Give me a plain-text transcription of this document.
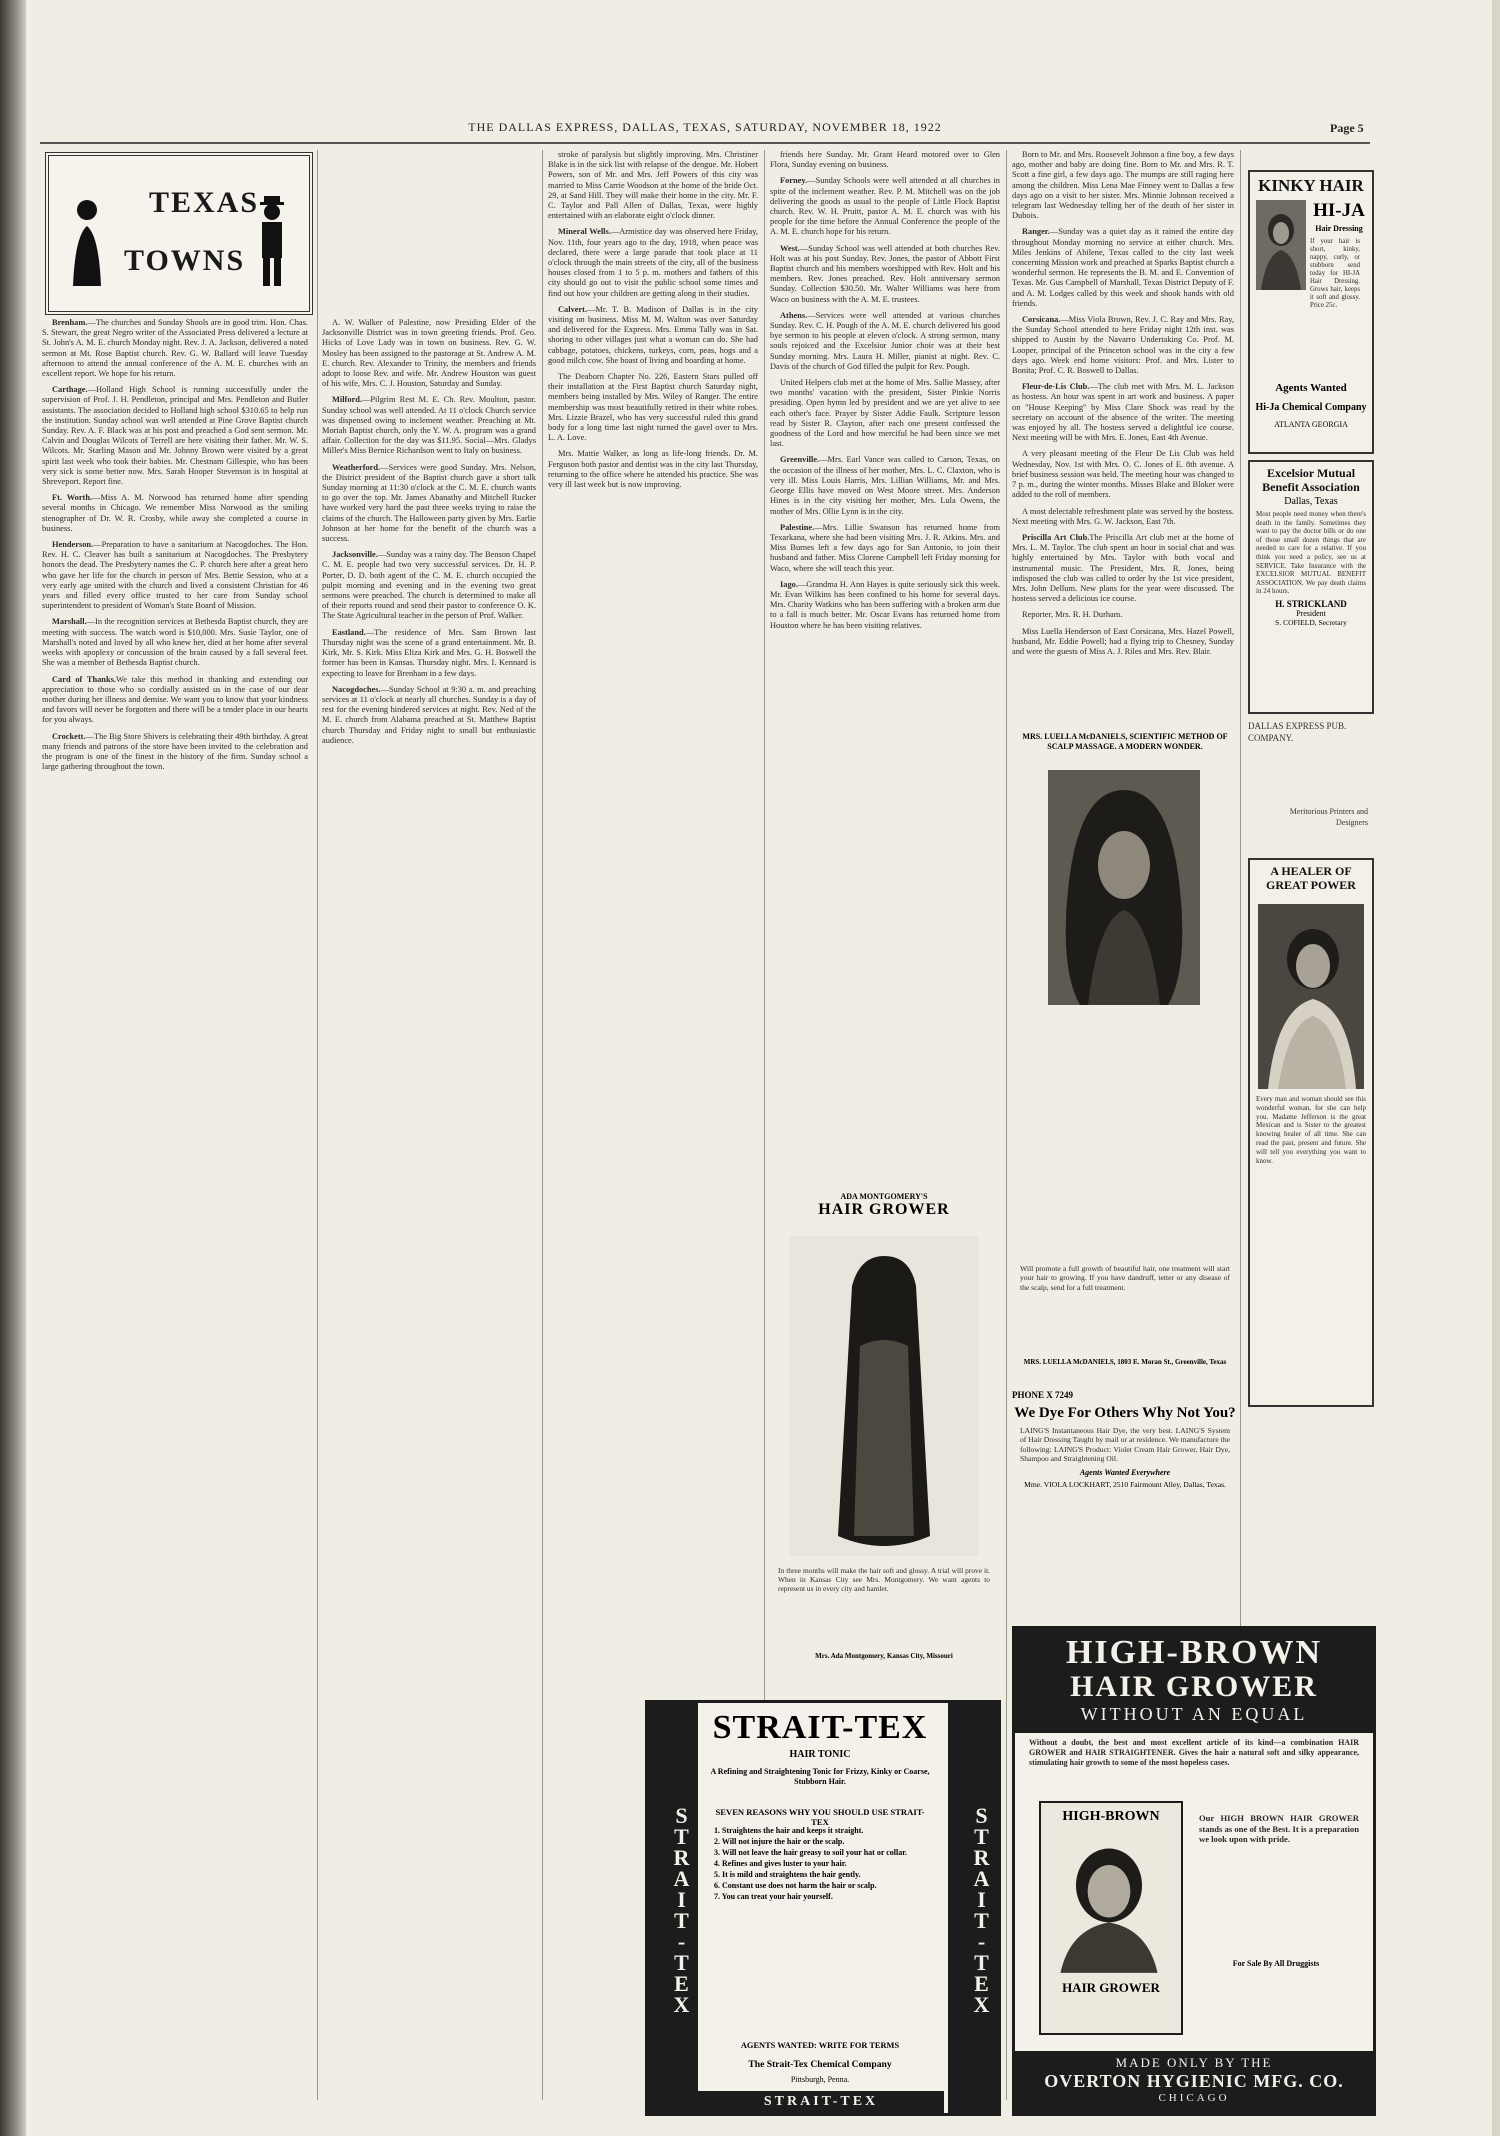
THE DALLAS EXPRESS, DALLAS, TEXAS, SATURDAY, NOVEMBER 18, 1922	Page 5
TEXAS
TOWNS

Brenham.—The churches and Sunday Shools are in good trim. Hon. Chas. S. Stewart, the great Negro writer of the Associated Press delivered a lecture at St. John's A. M. E. church Monday night. Rev. J. A. Jackson, delivered a noted sermon at Mt. Rose Baptist church. Rev. G. W. Ballard will leave Tuesday afternoon to attend the annual conference of the A. M. E. churches with an excellent report. We hope for his return.

Carthage.—Holland High School is running successfully under the supervision of Prof. J. H. Pendleton, principal and Mrs. Pendleton and Butler assistants. The association decided to Holland high school $310.65 to help run the institution. Sunday school was well attended at Pine Grove Baptist church Sunday. Rev. A. F. Black was at his post and preached a God sent sermon. Mr. Calvin and Douglas Wilcots of Terrell are here visiting their father. Mr. W. S. Wilcots. Mr. Starling Mason and Mr. Johnny Brown were visited by a great spirit last week who took their babies. Mr. Chestnam Gillespie, who has been very sick is some better now. Mrs. Sarah Hooper Stevenson is in hospital at Shreveport. Report fine.

Ft. Worth.—Miss A. M. Norwood has returned home after spending several months in Chicago. We remember Miss Norwood as the smiling stenographer of Dr. W. R. Crosby, while away she completed a course in business.

Henderson.—Preparation to have a sanitarium at Nacogdoches. The Hon. Rev. H. C. Cleaver has built a sanitarium at Nacogdoches. The Presbytery honors the dead. The Presbytery names the C. P. church here after a great hero who gave her life for the church in person of Mrs. Bettie Session, who at a very early age united with the church and lived a consistent Christian for 46 years and filled every office trusted to her care from Sunday school superintendent to president of Woman's State Board of Mission.

Marshall.—In the recognition services at Bethesda Baptist church, they are meeting with success. The watch word is $10,000. Mrs. Susie Taylor, one of Marshall's noted and loved by all who knew her, died at her home after several weeks with apoplexy or concussion of the brain caused by a fall several feet. She was a member of Bethesda Baptist church.

Card of Thanks.We take this method in thanking and extending our appreciation to those who so cordially assisted us in the case of our dear mother during her illness and demise. We want you to know that your kindness and favors will never be forgotten and there will be a tender place in our hearts for you always.

Crockett.—The Big Store Shivers is celebrating their 49th birthday. A great many friends and patrons of the store have been invited to the celebration and the program is one of the finest in the history of the firm. Sunday school a large gathering throughout the town.

A. W. Walker of Palestine, now Presiding Elder of the Jacksonville District was in town greeting friends. Prof. Geo. Hicks of Love Lady was in town on business. Rev. G. W. Mosley has been assigned to the pastorage at St. Andrew A. M. E. church. Rev. Alexander to Trinity, the members and friends adopt to loose Rev. and wife. Mr. Andrew Houston was guest of his wife, Mrs. C. J. Houston, Saturday and Sunday.

Milford.—Pilgrim Rest M. E. Ch. Rev. Moulton, pastor. Sunday school was well attended. At 11 o'clock Church service was dispensed owing to inclement weather. Preaching at Mt. Moriah Baptist church, only the Y. W. A. program was a grand affair. Collection for the day was $11.95. Social—Mrs. Gladys Miller's Miss Bernice Richardson went to Italy on business.

Weatherford.—Services were good Sunday. Mrs. Nelson, the District president of the Baptist church gave a short talk Sunday morning at 11:30 o'clock at the C. M. E. church wants to go over the top. Mr. James Abanathy and Mitchell Rucker have worked very hard the past three weeks trying to raise the claims of the church. The Halloween party given by Mrs. Earlie Johnson at her home for the benefit of the church was a success.

Jacksonville.—Sunday was a rainy day. The Benson Chapel C. M. E. people had two very successful services. Dr. H. P. Porter, D. D. both agent of the C. M. E. church occupied the pulpit morning and evening and in the evening two great sermons were preached. The church is determined to make all of their reports round and send their pastor to conference O. K. The State Agricultural teacher in the person of Prof. Walker.

Eastland.—The residence of Mrs. Sam Brown last Thursday night was the scene of a grand entertainment. Mr. B. Kirk, Mr. S. Kirk. Miss Eliza Kirk and Mrs. G. H. Boswell the former has been in Kansas. Thursday night. Mrs. I. Kennard is expecting to leave for Brenham in a few days.

Nacogdoches.—Sunday School at 9:30 a. m. and preaching services at 11 o'clock at nearly all churches. Sunday is a day of rest for the evening hindered services at night. Rev. Ned of the M. E. church from Alabama preached at St. Matthew Baptist church Thursday and Friday night to small but enthusiastic audience.

stroke of paralysis but slightly improving. Mrs. Christiner Blake is in the sick list with relapse of the dengue. Mr. Hobert Powers, son of Mr. and Mrs. Jeff Powers of this city was married to Miss Carrie Woodson at the home of the bride Oct. 29, at Sand Hill. They will make their home in the city. Mr. F. C. Taylor and Pall Allen of Dallas, Texas, were highly entertained with an elaborate eight o'clock dinner.

Mineral Wells.—Armistice day was observed here Friday, Nov. 11th, four years ago to the day, 1918, when peace was declared, there were a large parade that took place at 11 o'clock through the main streets of the city, all of the business houses closed from 1 to 5 p. m. mothers and fathers of this city should go out to visit the public school some times and find out how your children are getting along in their studies.

Calvert.—Mr. T. B. Madison of Dallas is in the city visiting on business. Miss M. M. Walton was over Saturday and delivered for the Express. Mrs. Emma Tally was in Sat. shoring to other villages just what a woman can do. She had cabbage, potatoes, chickens, turkeys, corn, peas, hogs and a good milch cow. She boast of living and boarding at home.

The Deaborn Chapter No. 226, Eastern Stars pulled off their installation at the First Baptist church Saturday night, members being installed by Mrs. Wiley of Ranger. The entire membership was most beautifully retired in their white robes. Mrs. Lizzie Brazel, who has very successful ruled this grand body for a long time last night turned the gavel over to Mrs. L. A. Love.

Mrs. Mattie Walker, as long as life-long friends. Dr. M. Ferguson both pastor and dentist was in the city last Thursday, returning to the office where he attended his practice. She was very ill last week but is now improving.

friends here Sunday. Mr. Grant Heard motored over to Glen Flora, Sunday evening on business.

Forney.—Sunday Schools were well attended at all churches in spite of the inclement weather. Rev. P. M. Mitchell was on the job delivering the goods as usual to the people of Little Flock Baptist church. Rev. W. H. Pruitt, pastor A. M. E. church was with his people for the time before the Annual Conference the people of the A. M. E. church hope for his return.

West.—Sunday School was well attended at both churches Rev. Holt was at his post Sunday. Rev. Jones, the pastor of Abbott First Baptist church and his members worshipped with Rev. Holt and his members. Rev. Jones preached. Rev. Holt anniversary sermon Sunday. Collection $30.50. Mr. Walter Williams was here from Waco on business with the A. M. E. trustees.

Athens.—Services were well attended at various churches Sunday. Rev. C. H. Pough of the A. M. E. church delivered his good bye sermon to his people at eleven o'clock. A strong sermon, many souls rejoiced and the Excelsior Junior choir was at their best Sunday morning. Mrs. Laura H. Miller, pianist at night. Rev. C. Davis of the church of God filled the pulpit for Rev. Pough.

United Helpers club met at the home of Mrs. Sallie Massey, after two months' vacation with the president, Sister Pinkie Norris presiding. Open hymn led by president and we are yet alive to see each other's face. Prayer by Sister Addie Faulk. Scripture lesson read by Sister R. Clayton, after each one present confessed the goodness of the Lord and how merciful he had been since we met last.

Greenville.—Mrs. Earl Vance was called to Carson, Texas, on the occasion of the illness of her mother, Mrs. L. C. Claxton, who is very ill. Miss Louis Harris, Mrs. Lillian Williams, Mr. and Mrs. George Ellis have moved on West Moore street. Mrs. Anderson Hines is in the city visiting her mother, Mrs. Lula Owens, the mother of Mrs. Ollie Lynn is in the city.

Palestine.—Mrs. Lillie Swanson has returned home from Texarkana, where she had been visiting Mrs. J. R. Atkins. Mrs. and Miss Burnes left a few days ago for San Antonio, to join their husband and father. Miss Clorene Campbell left Friday morning for Waco, where she will teach this year.

Iago.—Grandma H. Ann Hayes is quite seriously sick this week. Mr. Evan Wilkins has been confined to his home for several days. Mrs. Charity Watkins who has been suffering with a broken arm due to a fall is much better. Mr. Oscar Evans has returned home from Houston where he has been visiting relatives.

Born to Mr. and Mrs. Roosevelt Johnson a fine boy, a few days ago, mother and baby are doing fine. Born to Mr. and Mrs. R. T. Scott a fine girl, a few days ago. The mumps are still raging here among the children. Miss Lena Mae Finney went to Dallas a few days ago on a visit to her sister. Mrs. Minnie Johnson received a telegram last Wednesday telling her of the death of her sister in Dubois.

Ranger.—Sunday was a quiet day as it rained the entire day throughout Monday morning no service at either church. Mrs. Miles Jenkins of Abilene, Texas called to the city last week concerning Mission work and preached at Sparks Baptist church a wonderful sermon. He represents the B. M. and E. Convention of Texas. Mr. Gus Campbell of Marshall, Texas District Deputy of F. and A. M. Lodges called by this week and shook hands with old friends.

Corsicana.—Miss Viola Brown, Rev. J. C. Ray and Mrs. Ray, the Sunday School attended to here Friday night 12th inst. was shipped to Austin by the Navarro Undertaking Co. Prof. M. Looper, principal of the Princeton school was in the city a few days ago. Week end home visitors: Prof. and Mrs. Lister to Bonita; Prof. C. R. Boswell to Dallas.

Fleur-de-Lis Club.—The club met with Mrs. M. L. Jackson as hostess. An hour was spent in art work and business. A paper on "House Keeping" by Miss Clare Shock was read by the secretary on account of the absence of the writer. The meeting was enjoyed by all. The hostess served a delightful ice course. Next meeting will be with Mrs. E. Jones, East 4th Avenue.

A very pleasant meeting of the Fleur De Lis Club was held Wednesday, Nov. 1st with Mrs. O. C. Jones of E. 8th avenue. A brief business session was held. The meeting hour was changed to 7 p. m., during the winter months. Misses Blake and Bloker were added to the roll of members.

A most delectable refreshment plate was served by the hostess. Next meeting with Mrs. G. W. Jackson, East 7th.

Priscilla Art Club.The Priscilla Art club met at the home of Mrs. L. M. Taylor. The club spent an hour in social chat and was highly entertained by Mrs. Taylor with both vocal and instrumental music. The President, Mrs. R. Jones, being indisposed the club was called to order by the 1st vice president, Mrs. John Dellum. New plans for the year were discussed. The hostess served a delicious ice course.

Reporter, Mrs. R. H. Durham.

Miss Luella Henderson of East Corsicana, Mrs. Hazel Powell, husband, Mr. Eddie Powell; had a flying trip to Chesney, Sunday and were the guests of Miss A. J. Riles and Mrs. Rev. Blair.

KINKY HAIR
HI-JA
Hair Dressing
If your hair is short, kinky, nappy, curly, or stubborn send today for HI-JA Hair Dressing. Grows hair, keeps it soft and glossy. Price 25c.
Agents Wanted
Hi-Ja Chemical Company
ATLANTA GEORGIA
Excelsior Mutual Benefit Association
Dallas, Texas
Most people need money when there's death in the family. Sometimes they want to pay the doctor bills or do one of those small dozen things that are needed to care for a relative. If you think you need a policy, see us at SERVICE. Take Insurance with the EXCELSIOR MUTUAL BENEFIT ASSOCIATION. We pay death claims in 24 hours.
H. STRICKLAND
President
S. COFIELD, Secretary
DALLAS EXPRESS PUB. COMPANY.
Meritorious Printers and Designers
A HEALER OF GREAT POWER
Every man and woman should see this wonderful woman, for she can help you. Madame Jefferson is the great Mexican and is Sister to the greatest knowing healer of all time. She can read the past, present and future. She will tell you everything you want to know.
MRS. LUELLA McDANIELS, SCIENTIFIC METHOD OF SCALP MASSAGE. A MODERN WONDER.
Will promote a full growth of beautiful hair, one treatment will start your hair to growing. If you have dandruff, tetter or any disease of the scalp, send for a full treatment.
MRS. LUELLA McDANIELS, 1803 E. Moran St., Greenville, Texas
ADA MONTGOMERY'S
HAIR GROWER
In three months will make the hair soft and glossy. A trial will prove it. When in Kansas City see Mrs. Montgomery. We want agents to represent us in every city and hamlet.
Mrs. Ada Montgomery, Kansas City, Missouri
PHONE X 7249
We Dye For Others Why Not You?
LAING'S Instantaneous Hair Dye, the very best. LAING'S System of Hair Dressing Taught by mail or at residence. We manufacture the following: LAING'S Product: Violet Cream Hair Grower, Hair Dye, Shampoo and Straightening Oil.
Agents Wanted Everywhere
Mme. VIOLA LOCKHART, 2510 Fairmount Alley, Dallas, Texas.
STRAIT-TEX	STRAIT-TEX
STRAIT-TEX
HAIR TONIC
A Refining and Straightening Tonic for Frizzy, Kinky or Coarse, Stubborn Hair.
SEVEN REASONS WHY YOU SHOULD USE STRAIT-TEX
1. Straightens the hair and keeps it straight.
2. Will not injure the hair or the scalp.
3. Will not leave the hair greasy to soil your hat or collar.
4. Refines and gives luster to your hair.
5. It is mild and straightens the hair gently.
6. Constant use does not harm the hair or scalp.
7. You can treat your hair yourself.
AGENTS WANTED: WRITE FOR TERMS
The Strait-Tex Chemical Company
Pittsburgh, Penna.
STRAIT-TEX
HIGH-BROWN
HAIR GROWER
WITHOUT AN EQUAL
Without a doubt, the best and most excellent article of its kind—a combination HAIR GROWER and HAIR STRAIGHTENER. Gives the hair a natural soft and silky appearance, stimulating hair growth to some of the most hopeless cases.
HIGH-BROWN
HAIR GROWER
Our HIGH BROWN HAIR GROWER stands as one of the Best. It is a preparation we look upon with pride.
For Sale By All Druggists
MADE ONLY BY THE
OVERTON HYGIENIC MFG. CO.
CHICAGO
